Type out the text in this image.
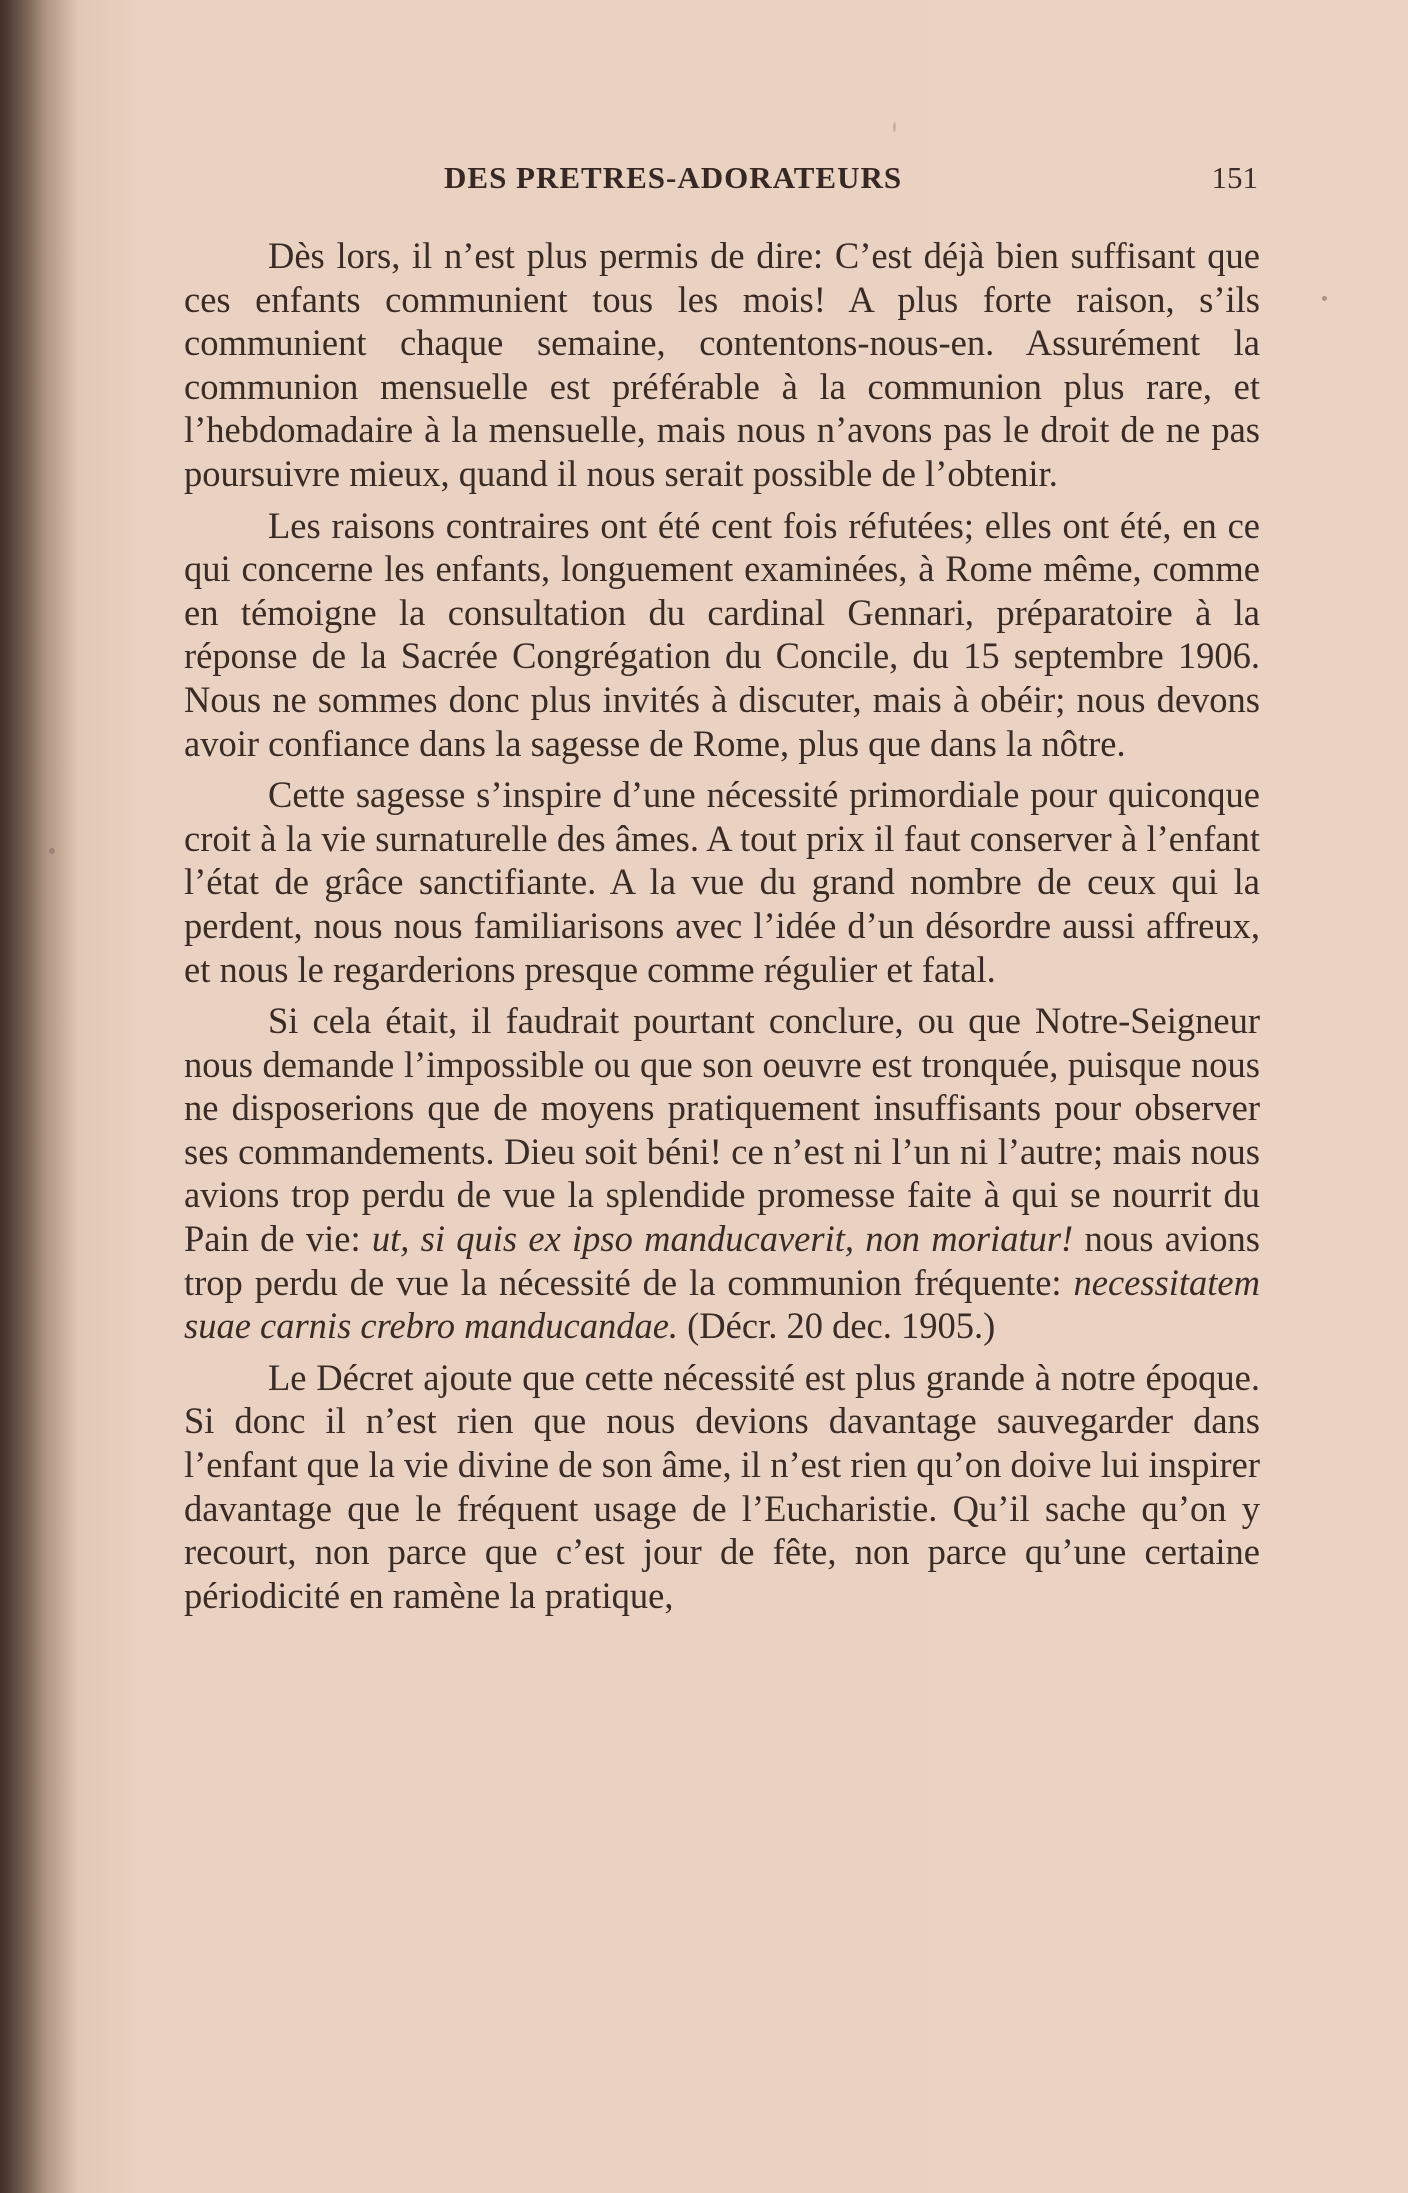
DES PRETRES-ADORATEURS	151

Dès lors, il n’est plus permis de dire: C’est déjà bien suffisant que ces enfants communient tous les mois! A plus forte raison, s’ils communient chaque semaine, contentons-nous-en. Assurément la communion mensuelle est préférable à la communion plus rare, et l’hebdomadaire à la mensuelle, mais nous n’avons pas le droit de ne pas poursuivre mieux, quand il nous serait possible de l’obtenir.

Les raisons contraires ont été cent fois réfutées; elles ont été, en ce qui concerne les enfants, longuement examinées, à Rome même, comme en témoigne la consultation du cardinal Gennari, préparatoire à la réponse de la Sacrée Congrégation du Concile, du 15 septembre 1906. Nous ne sommes donc plus invités à discuter, mais à obéir; nous devons avoir confiance dans la sagesse de Rome, plus que dans la nôtre.

Cette sagesse s’inspire d’une nécessité primordiale pour quiconque croit à la vie surnaturelle des âmes. A tout prix il faut conserver à l’enfant l’état de grâce sanctifiante. A la vue du grand nombre de ceux qui la perdent, nous nous familiarisons avec l’idée d’un désordre aussi affreux, et nous le regarderions presque comme régulier et fatal.

Si cela était, il faudrait pourtant conclure, ou que Notre-Seigneur nous demande l’impossible ou que son oeuvre est tronquée, puisque nous ne disposerions que de moyens pratiquement insuffisants pour observer ses commandements. Dieu soit béni! ce n’est ni l’un ni l’autre; mais nous avions trop perdu de vue la splendide promesse faite à qui se nourrit du Pain de vie: ut, si quis ex ipso manducaverit, non moriatur! nous avions trop perdu de vue la nécessité de la communion fréquente: necessitatem suae carnis crebro manducandae. (Décr. 20 dec. 1905.)

Le Décret ajoute que cette nécessité est plus grande à notre époque. Si donc il n’est rien que nous devions davantage sauvegarder dans l’enfant que la vie divine de son âme, il n’est rien qu’on doive lui inspirer davantage que le fréquent usage de l’Eucharistie. Qu’il sache qu’on y recourt, non parce que c’est jour de fête, non parce qu’une certaine périodicité en ramène la pratique,
